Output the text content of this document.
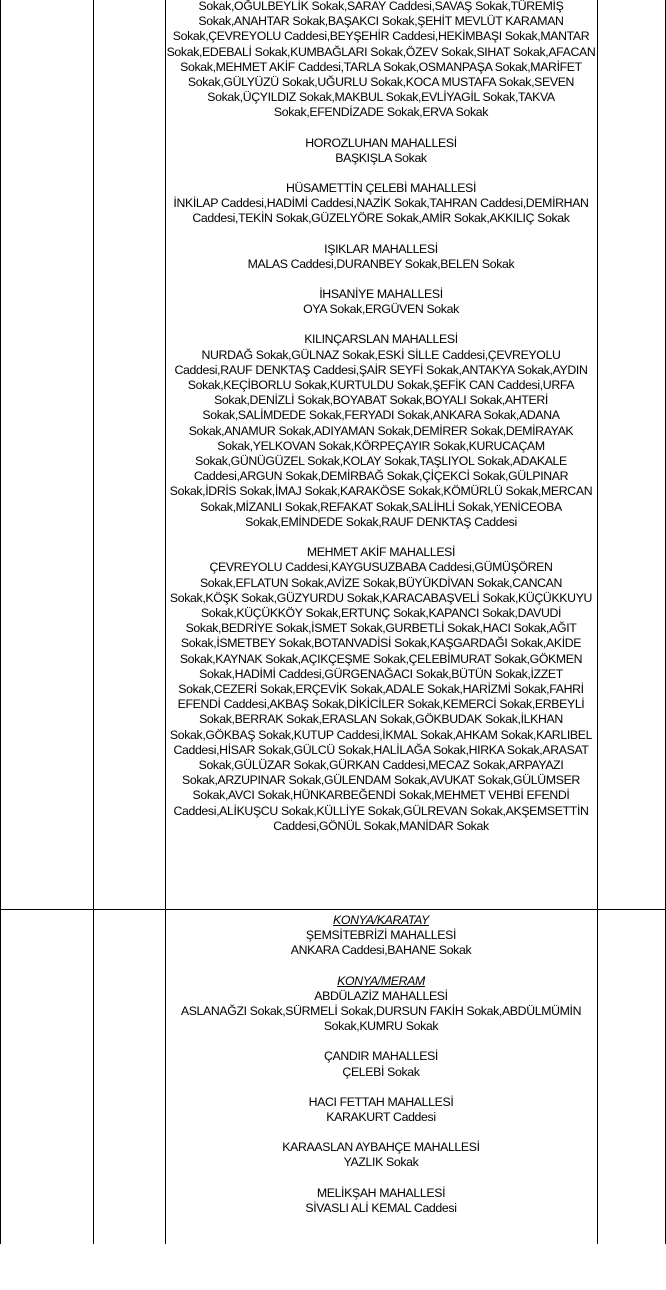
Sokak,OĞULBEYLİK Sokak,SARAY Caddesi,SAVAŞ Sokak,TÜREMİŞ Sokak,ANAHTAR Sokak,BAŞAKCI Sokak,ŞEHİT MEVLÜT KARAMAN Sokak,ÇEVREYOLU Caddesi,BEYŞEHİR Caddesi,HEKİMBAŞI Sokak,MANTAR Sokak,EDEBALİ Sokak,KUMBAĞLARI Sokak,ÖZEV Sokak,SIHAT Sokak,AFACAN Sokak,MEHMET AKİF Caddesi,TARLA Sokak,OSMANPAŞA Sokak,MARİFET Sokak,GÜLYÜZÜ Sokak,UĞURLU Sokak,KOCA MUSTAFA Sokak,SEVEN Sokak,ÜÇYILDIZ Sokak,MAKBUL Sokak,EVLİYAGİL Sokak,TAKVA Sokak,EFENDİZADE Sokak,ERVA Sokak

HOROZLUHAN MAHALLESİ
BAŞKIŞLA Sokak
HÜSAMETTİN ÇELEBİ MAHALLESİ
İNKİLAP Caddesi,HADİMİ Caddesi,NAZİK Sokak,TAHRAN Caddesi,DEMİRHAN Caddesi,TEKİN Sokak,GÜZELYÖRE Sokak,AMİR Sokak,AKKILIÇ Sokak
IŞIKLAR MAHALLESİ
MALAS Caddesi,DURANBEY Sokak,BELEN Sokak
İHSANİYE MAHALLESİ
OYA Sokak,ERGÜVEN Sokak
KILINÇARSLAN MAHALLESİ
NURDAĞ Sokak,GÜLNAZ Sokak,ESKİ SİLLE Caddesi,ÇEVREYOLU Caddesi,RAUF DENKTAŞ Caddesi,ŞAİR SEYFİ Sokak,ANTAKYA Sokak,AYDIN Sokak,KEÇİBORLU Sokak,KURTULDU Sokak,ŞEFİK CAN Caddesi,URFA Sokak,DENİZLİ Sokak,BOYABAT Sokak,BOYALI Sokak,AHTERİ Sokak,SALİMDEDE Sokak,FERYADI Sokak,ANKARA Sokak,ADANA Sokak,ANAMUR Sokak,ADIYAMAN Sokak,DEMİRER Sokak,DEMİRAYAK Sokak,YELKOVAN Sokak,KÖRPEÇAYIR Sokak,KURUCAÇAM Sokak,GÜNÜGÜZEL Sokak,KOLAY Sokak,TAŞLIYOL Sokak,ADAKALE Caddesi,ARGUN Sokak,DEMİRBAĞ Sokak,ÇİÇEKCİ Sokak,GÜLPINAR Sokak,İDRİS Sokak,İMAJ Sokak,KARAKÖSE Sokak,KÖMÜRLÜ Sokak,MERCAN Sokak,MİZANLI Sokak,REFAKAT Sokak,SALİHLİ Sokak,YENİCEOBA Sokak,EMİNDEDE Sokak,RAUF DENKTAŞ Caddesi
MEHMET AKİF MAHALLESİ
ÇEVREYOLU Caddesi,KAYGUSUZBABA Caddesi,GÜMÜŞÖREN Sokak,EFLATUN Sokak,AVİZE Sokak,BÜYÜKDİVAN Sokak,CANCAN Sokak,KÖŞK Sokak,GÜZYURDU Sokak,KARACABAŞVELİ Sokak,KÜÇÜKKUYU Sokak,KÜÇÜKKÖY Sokak,ERTUNÇ Sokak,KAPANCI Sokak,DAVUDİ Sokak,BEDRİYE Sokak,İSMET Sokak,GURBETLİ Sokak,HACI Sokak,AĞIT Sokak,İSMETBEY Sokak,BOTANVADİSİ Sokak,KAŞGARDAĞI Sokak,AKİDE Sokak,KAYNAK Sokak,AÇIKÇEŞME Sokak,ÇELEBİMURAT Sokak,GÖKMEN Sokak,HADİMİ Caddesi,GÜRGENAĞACI Sokak,BÜTÜN Sokak,İZZET Sokak,CEZERİ Sokak,ERÇEVİK Sokak,ADALE Sokak,HARİZMİ Sokak,FAHRİ EFENDİ Caddesi,AKBAŞ Sokak,DİKİCİLER Sokak,KEMERCİ Sokak,ERBEYLİ Sokak,BERRAK Sokak,ERASLAN Sokak,GÖKBUDAK Sokak,İLKHAN Sokak,GÖKBAŞ Sokak,KUTUP Caddesi,İKMAL Sokak,AHKAM Sokak,KARLIBEL Caddesi,HİSAR Sokak,GÜLCÜ Sokak,HALİLAĞA Sokak,HIRKA Sokak,ARASAT Sokak,GÜLÜZAR Sokak,GÜRKAN Caddesi,MECAZ Sokak,ARPAYAZI Sokak,ARZUPINAR Sokak,GÜLENDAM Sokak,AVUKAT Sokak,GÜLÜMSER Sokak,AVCI Sokak,HÜNKARBEĞENDİ Sokak,MEHMET VEHBİ EFENDİ Caddesi,ALİKUŞCU Sokak,KÜLLİYE Sokak,GÜLREVAN Sokak,AKŞEMSETTİN Caddesi,GÖNÜL Sokak,MANİDAR Sokak
KONYA/KARATAY
ŞEMSİTEBRİZİ MAHALLESİ
ANKARA Caddesi,BAHANE Sokak
KONYA/MERAM
ABDÜLAZİZ MAHALLESİ
ASLANAĞZI Sokak,SÜRMELİ Sokak,DURSUN FAKİH Sokak,ABDÜLMÜMİN Sokak,KUMRU Sokak
ÇANDIR MAHALLESİ
ÇELEBİ Sokak
HACI FETTAH MAHALLESİ
KARAKURT Caddesi
KARAASLAN AYBAHÇE MAHALLESİ
YAZLIK Sokak
MELİKŞAH MAHALLESİ
SİVASLI ALİ KEMAL Caddesi
